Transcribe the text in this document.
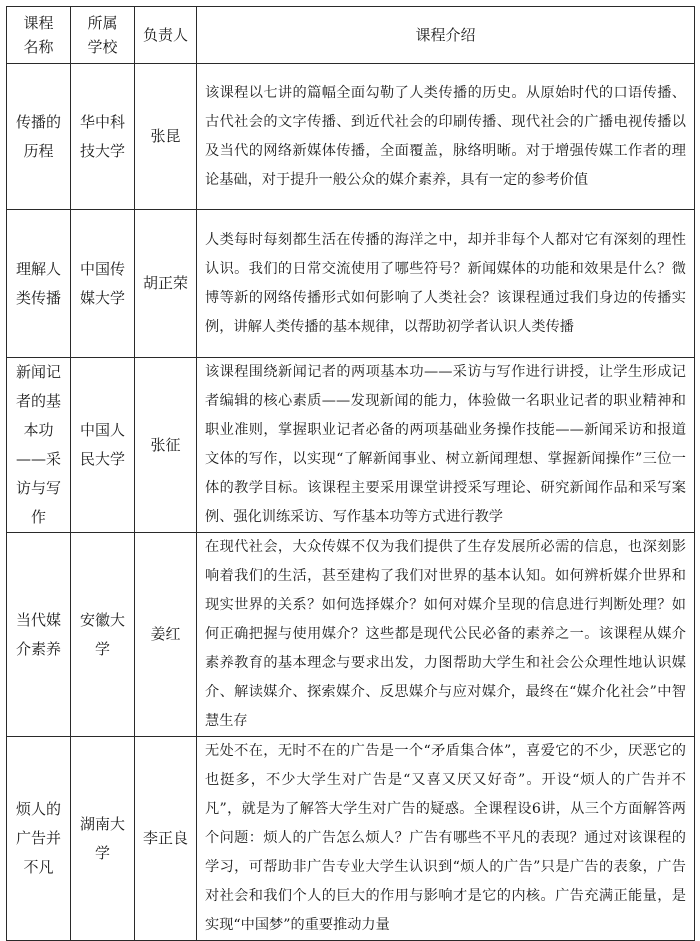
课程名称	所属学校	负责人	课程介绍
传播的历程	华中科技大学	张昆	该课程以七讲的篇幅全面勾勒了人类传播的历史。从原始时代的口语传播、古代社会的文字传播、到近代社会的印刷传播、现代社会的广播电视传播以及当代的网络新媒体传播，全面覆盖，脉络明晰。对于增强传媒工作者的理论基础，对于提升一般公众的媒介素养，具有一定的参考价值
理解人类传播	中国传媒大学	胡正荣	人类每时每刻都生活在传播的海洋之中，却并非每个人都对它有深刻的理性认识。我们的日常交流使用了哪些符号？新闻媒体的功能和效果是什么？微博等新的网络传播形式如何影响了人类社会？该课程通过我们身边的传播实例，讲解人类传播的基本规律，以帮助初学者认识人类传播
新闻记者的基本功——采访与写作	中国人民大学	张征	该课程围绕新闻记者的两项基本功——采访与写作进行讲授，让学生形成记者编辑的核心素质——发现新闻的能力，体验做一名职业记者的职业精神和职业准则，掌握职业记者必备的两项基础业务操作技能——新闻采访和报道文体的写作，以实现“了解新闻事业、树立新闻理想、掌握新闻操作”三位一体的教学目标。该课程主要采用课堂讲授采写理论、研究新闻作品和采写案例、强化训练采访、写作基本功等方式进行教学
当代媒介素养	安徽大学	姜红	在现代社会，大众传媒不仅为我们提供了生存发展所必需的信息，也深刻影响着我们的生活，甚至建构了我们对世界的基本认知。如何辨析媒介世界和现实世界的关系？如何选择媒介？如何对媒介呈现的信息进行判断处理？如何正确把握与使用媒介？这些都是现代公民必备的素养之一。该课程从媒介素养教育的基本理念与要求出发，力图帮助大学生和社会公众理性地认识媒介、解读媒介、探索媒介、反思媒介与应对媒介，最终在“媒介化社会”中智慧生存
烦人的广告并不凡	湖南大学	李正良	无处不在，无时不在的广告是一个“矛盾集合体”，喜爱它的不少，厌恶它的也挺多，不少大学生对广告是“又喜又厌又好奇”。开设“烦人的广告并不凡”，就是为了解答大学生对广告的疑惑。全课程设6讲，从三个方面解答两个问题：烦人的广告怎么烦人？广告有哪些不平凡的表现？通过对该课程的学习，可帮助非广告专业大学生认识到“烦人的广告”只是广告的表象，广告对社会和我们个人的巨大的作用与影响才是它的内核。广告充满正能量，是实现“中国梦”的重要推动力量
